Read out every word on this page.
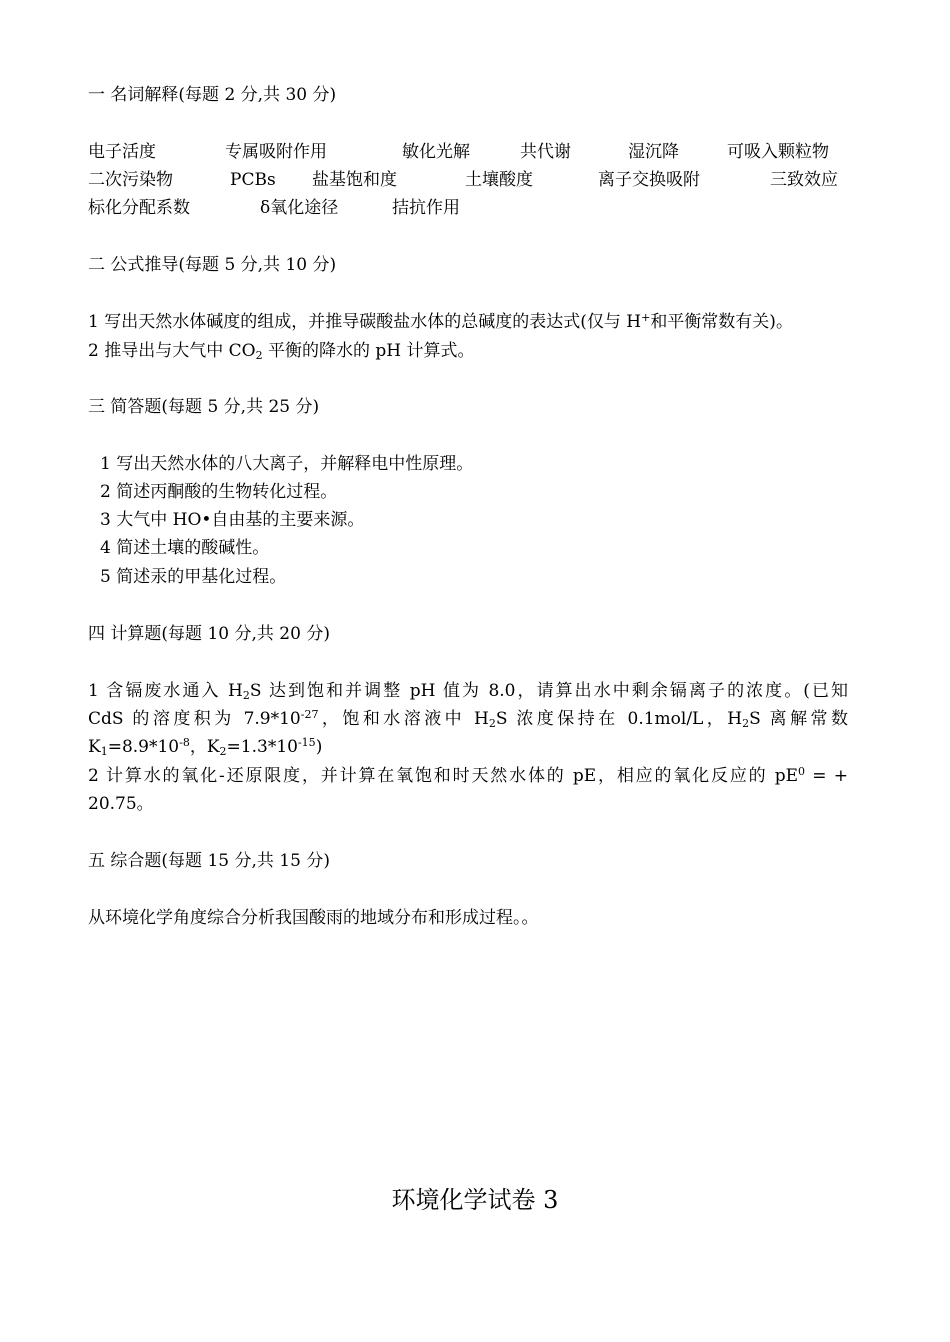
一 名词解释(每题 2 分,共 30 分)
电子活度	专属吸附作用	敏化光解	共代谢	湿沉降	可吸入颗粒物
二次污染物	PCBs 盐基饱和度	土壤酸度	离子交换吸附	三致效应
标化分配系数	δ氧化途径	拮抗作用
二 公式推导(每题 5 分,共 10 分)
1 写出天然水体碱度的组成，并推导碳酸盐水体的总碱度的表达式(仅与 H+和平衡常数有关)。
2 推导出与大气中 $CO_2$ 平衡的降水的 pH 计算式。
三 简答题(每题 5 分,共 25 分)
1 写出天然水体的八大离子，并解释电中性原理。
2 简述丙酮酸的生物转化过程。
3 大气中 HO•自由基的主要来源。
4 简述土壤的酸碱性。
5 简述汞的甲基化过程。
四 计算题(每题 10 分,共 20 分)
1 含镉废水通入 $H_2S$ 达到饱和并调整 pH 值为 8.0，请算出水中剩余镉离子的浓度。(已知
CdS 的溶度积为 $7.9*10^{-27}$，饱和水溶液中 $H_2S$ 浓度保持在 0.1mol/L，$H_2S$ 离解常数
$K_1=8.9*10^{-8}$，$K_2=1.3*10^{-15}$)
2 计算水的氧化-还原限度，并计算在氧饱和时天然水体的 pE，相应的氧化反应的 $pE^0$ = +
20.75。
五 综合题(每题 15 分,共 15 分)
从环境化学角度综合分析我国酸雨的地域分布和形成过程。。
环境化学试卷 3
